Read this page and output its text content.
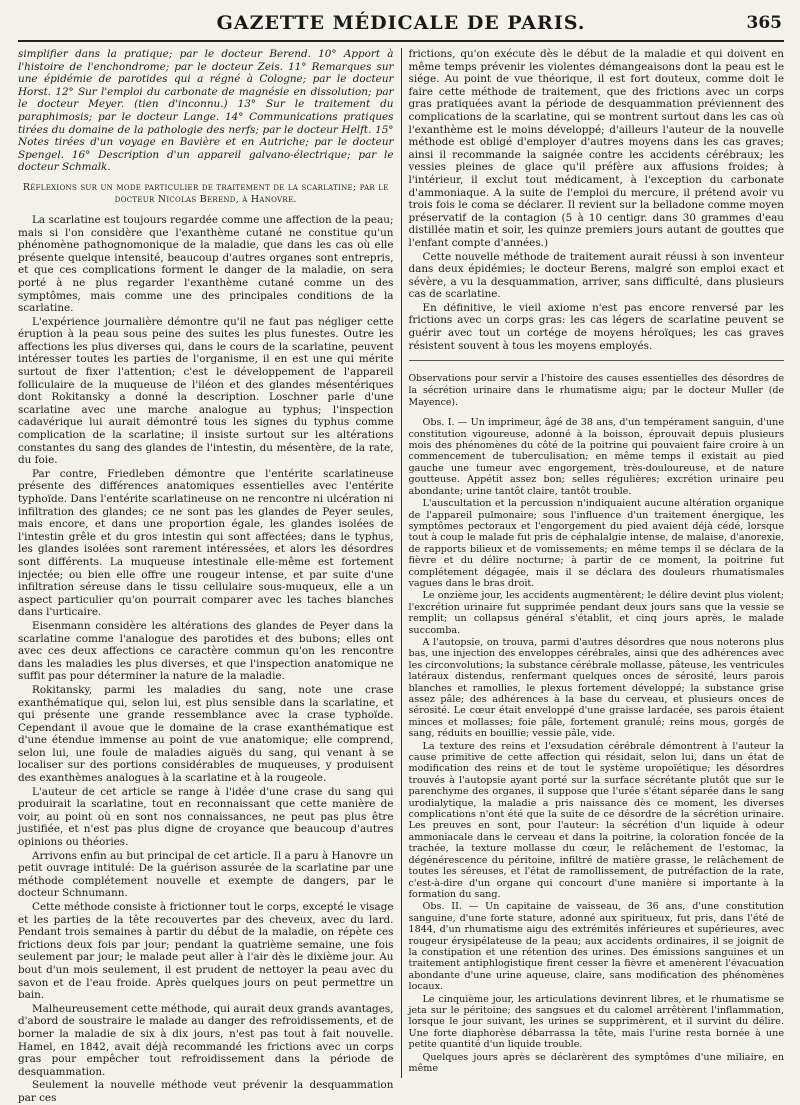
GAZETTE MÉDICALE DE PARIS.	365

simplifier dans la pratique; par le docteur Berend. 10° Apport à l'histoire de l'enchondrome; par le docteur Zeis. 11° Remarques sur une épidémie de parotides qui a régné à Cologne; par le docteur Horst. 12° Sur l'emploi du carbonate de magnésie en dissolution; par le docteur Meyer. (tien d'inconnu.) 13° Sur le traitement du paraphimosis; par le docteur Lange. 14° Communications pratiques tirées du domaine de la pathologie des nerfs; par le docteur Helft. 15° Notes tirées d'un voyage en Bavière et en Autriche; par le docteur Spengel. 16° Description d'un appareil galvano-électrique; par le docteur Schmalk.

Réflexions sur un mode particulier de traitement de la scarlatine; par le docteur Nicolas Berend, à Hanovre.

La scarlatine est toujours regardée comme une affection de la peau; mais si l'on considère que l'exanthème cutané ne constitue qu'un phénomène pathognomonique de la maladie, que dans les cas où elle présente quelque intensité, beaucoup d'autres organes sont entrepris, et que ces complications forment le danger de la maladie, on sera porté à ne plus regarder l'exanthème cutané comme un des symptômes, mais comme une des principales conditions de la scarlatine.

L'expérience journalière démontre qu'il ne faut pas négliger cette éruption à la peau sous peine des suites les plus funestes. Outre les affections les plus diverses qui, dans le cours de la scarlatine, peuvent intéresser toutes les parties de l'organisme, il en est une qui mérite surtout de fixer l'attention; c'est le développement de l'appareil folliculaire de la muqueuse de l'iléon et des glandes mésentériques dont Rokitansky a donné la description. Loschner parle d'une scarlatine avec une marche analogue au typhus; l'inspection cadavérique lui aurait démontré tous les signes du typhus comme complication de la scarlatine; il insiste surtout sur les altérations constantes du sang des glandes de l'intestin, du mésentère, de la rate, du foie.

Par contre, Friedleben démontre que l'entérite scarlatineuse présente des différences anatomiques essentielles avec l'entérite typhoïde. Dans l'entérite scarlatineuse on ne rencontre ni ulcération ni infiltration des glandes; ce ne sont pas les glandes de Peyer seules, mais encore, et dans une proportion égale, les glandes isolées de l'intestin grêle et du gros intestin qui sont affectées; dans le typhus, les glandes isolées sont rarement intéressées, et alors les désordres sont différents. La muqueuse intestinale elle-même est fortement injectée; ou bien elle offre une rougeur intense, et par suite d'une infiltration séreuse dans le tissu cellulaire sous-muqueux, elle a un aspect particulier qu'on pourrait comparer avec les taches blanches dans l'urticaire.

Eisenmann considère les altérations des glandes de Peyer dans la scarlatine comme l'analogue des parotides et des bubons; elles ont avec ces deux affections ce caractère commun qu'on les rencontre dans les maladies les plus diverses, et que l'inspection anatomique ne suffit pas pour déterminer la nature de la maladie.

Rokitansky, parmi les maladies du sang, note une crase exanthématique qui, selon lui, est plus sensible dans la scarlatine, et qui présente une grande ressemblance avec la crase typhoïde. Cependant il avoue que le domaine de la crase exanthématique est d'une étendue immense au point de vue anatomique; elle comprend, selon lui, une foule de maladies aiguës du sang, qui venant à se localiser sur des portions considérables de muqueuses, y produisent des exanthèmes analogues à la scarlatine et à la rougeole.

L'auteur de cet article se range à l'idée d'une crase du sang qui produirait la scarlatine, tout en reconnaissant que cette manière de voir, au point où en sont nos connaissances, ne peut pas plus être justifiée, et n'est pas plus digne de croyance que beaucoup d'autres opinions ou théories.

Arrivons enfin au but principal de cet article. Il a paru à Hanovre un petit ouvrage intitulé: De la guérison assurée de la scarlatine par une méthode complétement nouvelle et exempte de dangers, par le docteur Schnumann.

Cette méthode consiste à frictionner tout le corps, excepté le visage et les parties de la tête recouvertes par des cheveux, avec du lard. Pendant trois semaines à partir du début de la maladie, on répète ces frictions deux fois par jour; pendant la quatrième semaine, une fois seulement par jour; le malade peut aller à l'air dès le dixième jour. Au bout d'un mois seulement, il est prudent de nettoyer la peau avec du savon et de l'eau froide. Après quelques jours on peut permettre un bain.

Malheureusement cette méthode, qui aurait deux grands avantages, d'abord de soustraire le malade au danger des refroidissements, et de borner la maladie de six à dix jours, n'est pas tout à fait nouvelle. Hamel, en 1842, avait déjà recommandé les frictions avec un corps gras pour empêcher tout refroidissement dans la période de desquammation.

Seulement la nouvelle méthode veut prévenir la desquammation par ces

frictions, qu'on exécute dès le début de la maladie et qui doivent en même temps prévenir les violentes démangeaisons dont la peau est le siége. Au point de vue théorique, il est fort douteux, comme doit le faire cette méthode de traitement, que des frictions avec un corps gras pratiquées avant la période de desquammation préviennent des complications de la scarlatine, qui se montrent surtout dans les cas où l'exanthème est le moins développé; d'ailleurs l'auteur de la nouvelle méthode est obligé d'employer d'autres moyens dans les cas graves; ainsi il recommande la saignée contre les accidents cérébraux; les vessies pleines de glace qu'il préfère aux affusions froides; à l'intérieur, il exclut tout médicament, à l'exception du carbonate d'ammoniaque. A la suite de l'emploi du mercure, il prétend avoir vu trois fois le coma se déclarer. Il revient sur la belladone comme moyen préservatif de la contagion (5 à 10 centigr. dans 30 grammes d'eau distillée matin et soir, les quinze premiers jours autant de gouttes que l'enfant compte d'années.)

Cette nouvelle méthode de traitement aurait réussi à son inventeur dans deux épidémies; le docteur Berens, malgré son emploi exact et sévère, a vu la desquammation, arriver, sans difficulté, dans plusieurs cas de scarlatine.

En définitive, le vieil axiome n'est pas encore renversé par les frictions avec un corps gras: les cas légers de scarlatine peuvent se guérir avec tout un cortége de moyens héroïques; les cas graves résistent souvent à tous les moyens employés.

Observations pour servir a l'histoire des causes essentielles des désordres de la sécrétion urinaire dans le rhumatisme aigu; par le docteur Muller (de Mayence).

Obs. I. — Un imprimeur, âgé de 38 ans, d'un tempérament sanguin, d'une constitution vigoureuse, adonné à la boisson, éprouvait depuis plusieurs mois des phénomènes du côté de la poitrine qui pouvaient faire croire à un commencement de tuberculisation; en même temps il existait au pied gauche une tumeur avec engorgement, très-douloureuse, et de nature goutteuse. Appétit assez bon; selles régulières; excrétion urinaire peu abondante; urine tantôt claire, tantôt trouble.

L'auscultation et la percussion n'indiquaient aucune altération organique de l'appareil pulmonaire; sous l'influence d'un traitement énergique, les symptômes pectoraux et l'engorgement du pied avaient déjà cédé, lorsque tout à coup le malade fut pris de céphalalgie intense, de malaise, d'anorexie, de rapports bilieux et de vomissements; en même temps il se déclara de la fièvre et du délire nocturne; à partir de ce moment, la poitrine fut complétement dégagée, mais il se déclara des douleurs rhumatismales vagues dans le bras droit.

Le onzième jour, les accidents augmentèrent; le délire devint plus violent; l'excrétion urinaire fut supprimée pendant deux jours sans que la vessie se remplit; un collapsus général s'établit, et cinq jours après, le malade succomba.

A l'autopsie, on trouva, parmi d'autres désordres que nous noterons plus bas, une injection des enveloppes cérébrales, ainsi que des adhérences avec les circonvolutions; la substance cérébrale mollasse, pâteuse, les ventricules latéraux distendus, renfermant quelques onces de sérosité, leurs parois blanches et ramollies, le plexus fortement développé; la substance grise assez pâle; des adhérences à la base du cerveau, et plusieurs onces de sérosité. Le cœur était enveloppé d'une graisse lardacée, ses parois étaient minces et mollasses; foie pâle, fortement granulé; reins mous, gorgés de sang, réduits en bouillie; vessie pâle, vide.

La texture des reins et l'exsudation cérébrale démontrent à l'auteur la cause primitive de cette affection qui résidait, selon lui, dans un état de modification des reins et de tout le système uropoïétique; les désordres trouvés à l'autopsie ayant porté sur la surface sécrétante plutôt que sur le parenchyme des organes, il suppose que l'urée s'étant séparée dans le sang urodialytique, la maladie a pris naissance dès ce moment, les diverses complications n'ont été que la suite de ce désordre de la sécrétion urinaire. Les preuves en sont, pour l'auteur: la sécrétion d'un liquide à odeur ammoniacale dans le cerveau et dans la poitrine, la coloration foncée de la trachée, la texture mollasse du cœur, le relâchement de l'estomac, la dégénérescence du péritoine, infiltré de matière grasse, le relâchement de toutes les séreuses, et l'état de ramollissement, de putréfaction de la rate, c'est-à-dire d'un organe qui concourt d'une manière si importante à la formation du sang.

Obs. II. — Un capitaine de vaisseau, de 36 ans, d'une constitution sanguine, d'une forte stature, adonné aux spiritueux, fut pris, dans l'été de 1844, d'un rhumatisme aigu des extrémités inférieures et supérieures, avec rougeur érysipélateuse de la peau; aux accidents ordinaires, il se joignit de la constipation et une rétention des urines. Des émissions sanguines et un traitement antiphlogistique firent cesser la fièvre et amenèrent l'évacuation abondante d'une urine aqueuse, claire, sans modification des phénomènes locaux.

Le cinquième jour, les articulations devinrent libres, et le rhumatisme se jeta sur le péritoine; des sangsues et du calomel arrêtèrent l'inflammation, lorsque le jour suivant, les urines se supprimèrent, et il survint du délire. Une forte diaphorèse débarrassa la tête, mais l'urine resta bornée à une petite quantité d'un liquide trouble.

Quelques jours après se déclarèrent des symptômes d'une miliaire, en même
